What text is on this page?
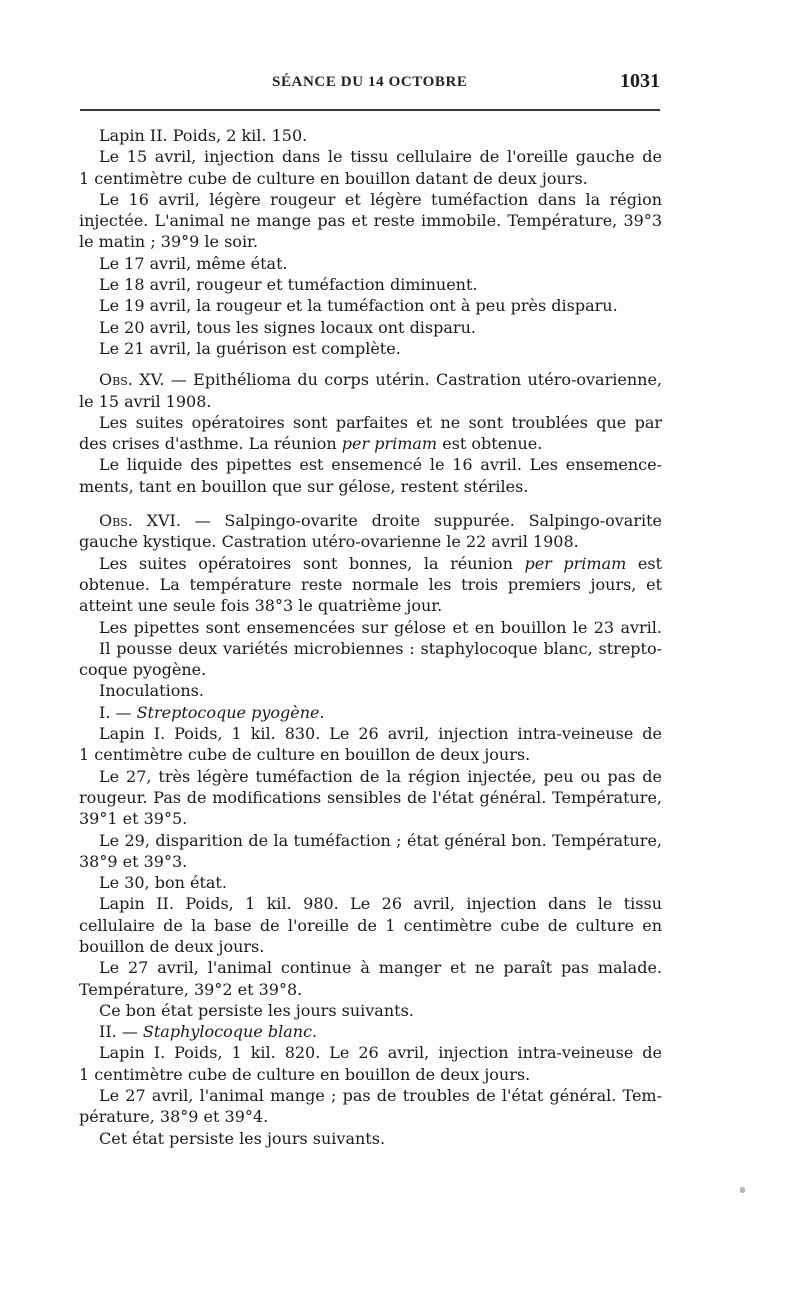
SÉANCE DU 14 OCTOBRE	1031
Lapin II. Poids, 2 kil. 150.
Le 15 avril, injection dans le tissu cellulaire de l'oreille gauche de
1 centimètre cube de culture en bouillon datant de deux jours.
Le 16 avril, légère rougeur et légère tuméfaction dans la région
injectée. L'animal ne mange pas et reste immobile. Température, 39°3
le matin ; 39°9 le soir.
Le 17 avril, même état.
Le 18 avril, rougeur et tuméfaction diminuent.
Le 19 avril, la rougeur et la tuméfaction ont à peu près disparu.
Le 20 avril, tous les signes locaux ont disparu.
Le 21 avril, la guérison est complète.
Obs. XV. — Epithélioma du corps utérin. Castration utéro-ovarienne,
le 15 avril 1908.
Les suites opératoires sont parfaites et ne sont troublées que par
des crises d'asthme. La réunion per primam est obtenue.
Le liquide des pipettes est ensemencé le 16 avril. Les ensemence-
ments, tant en bouillon que sur gélose, restent stériles.
Obs. XVI. — Salpingo-ovarite droite suppurée. Salpingo-ovarite
gauche kystique. Castration utéro-ovarienne le 22 avril 1908.
Les suites opératoires sont bonnes, la réunion per primam est
obtenue. La température reste normale les trois premiers jours, et
atteint une seule fois 38°3 le quatrième jour.
Les pipettes sont ensemencées sur gélose et en bouillon le 23 avril.
Il pousse deux variétés microbiennes : staphylocoque blanc, strepto-
coque pyogène.
Inoculations.
I. — Streptocoque pyogène.
Lapin I. Poids, 1 kil. 830. Le 26 avril, injection intra-veineuse de
1 centimètre cube de culture en bouillon de deux jours.
Le 27, très légère tuméfaction de la région injectée, peu ou pas de
rougeur. Pas de modifications sensibles de l'état général. Température,
39°1 et 39°5.
Le 29, disparition de la tuméfaction ; état général bon. Température,
38°9 et 39°3.
Le 30, bon état.
Lapin II. Poids, 1 kil. 980. Le 26 avril, injection dans le tissu
cellulaire de la base de l'oreille de 1 centimètre cube de culture en
bouillon de deux jours.
Le 27 avril, l'animal continue à manger et ne paraît pas malade.
Température, 39°2 et 39°8.
Ce bon état persiste les jours suivants.
II. — Staphylocoque blanc.
Lapin I. Poids, 1 kil. 820. Le 26 avril, injection intra-veineuse de
1 centimètre cube de culture en bouillon de deux jours.
Le 27 avril, l'animal mange ; pas de troubles de l'état général. Tem-
pérature, 38°9 et 39°4.
Cet état persiste les jours suivants.
